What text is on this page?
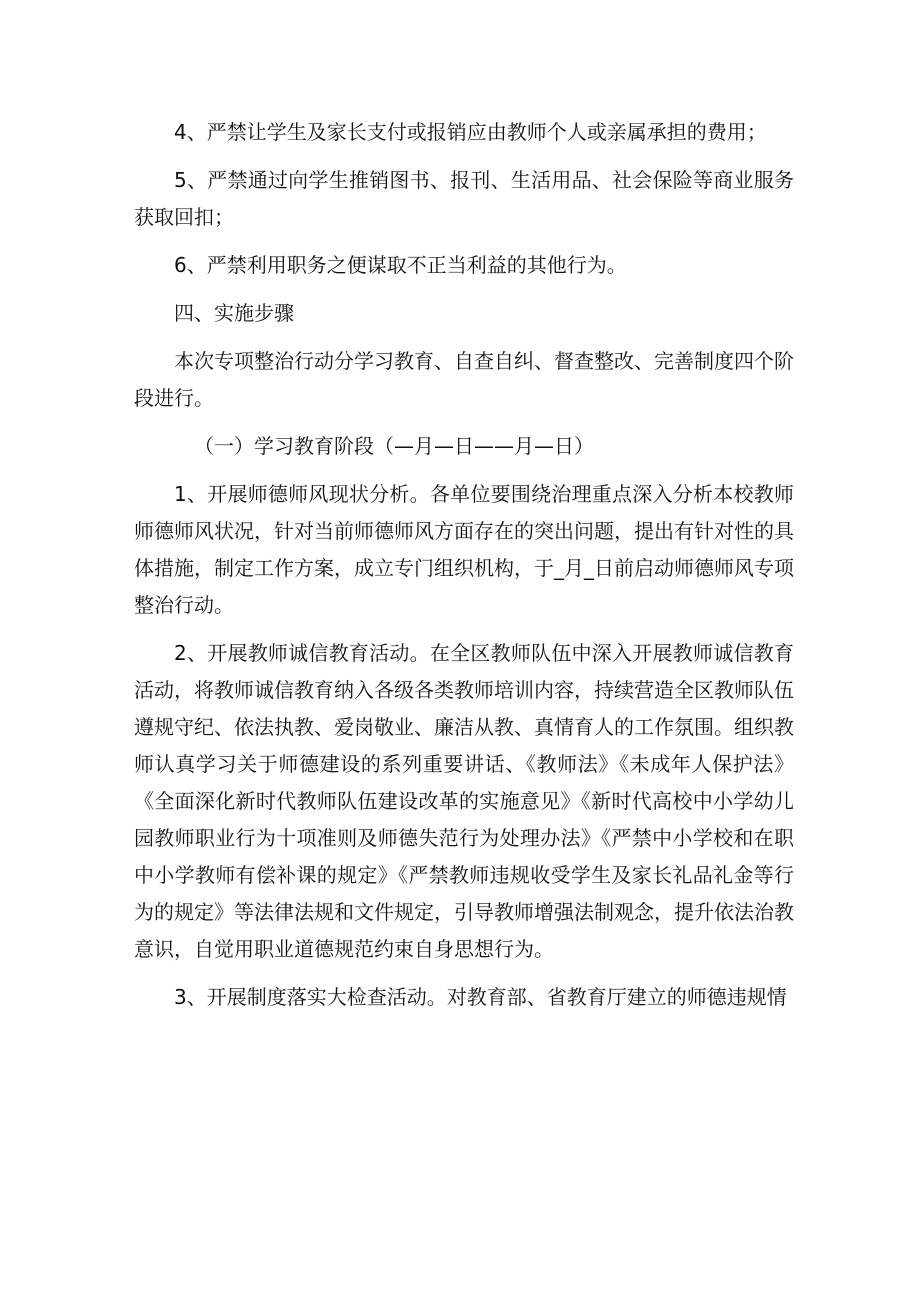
4、严禁让学生及家长支付或报销应由教师个人或亲属承担的费用；

5、严禁通过向学生推销图书、报刊、生活用品、社会保险等商业服务获取回扣；

6、严禁利用职务之便谋取不正当利益的其他行为。

四、实施步骤

本次专项整治行动分学习教育、自查自纠、督查整改、完善制度四个阶段进行。

（一）学习教育阶段（—月—日——月—日）

1、开展师德师风现状分析。各单位要围绕治理重点深入分析本校教师师德师风状况，针对当前师德师风方面存在的突出问题，提出有针对性的具体措施，制定工作方案，成立专门组织机构，于_月_日前启动师德师风专项整治行动。

2、开展教师诚信教育活动。在全区教师队伍中深入开展教师诚信教育活动，将教师诚信教育纳入各级各类教师培训内容，持续营造全区教师队伍遵规守纪、依法执教、爱岗敬业、廉洁从教、真情育人的工作氛围。组织教师认真学习关于师德建设的系列重要讲话、《教师法》《未成年人保护法》《全面深化新时代教师队伍建设改革的实施意见》《新时代高校中小学幼儿园教师职业行为十项准则及师德失范行为处理办法》《严禁中小学校和在职中小学教师有偿补课的规定》《严禁教师违规收受学生及家长礼品礼金等行为的规定》等法律法规和文件规定，引导教师增强法制观念，提升依法治教意识，自觉用职业道德规范约束自身思想行为。

3、开展制度落实大检查活动。对教育部、省教育厅建立的师德违规情
